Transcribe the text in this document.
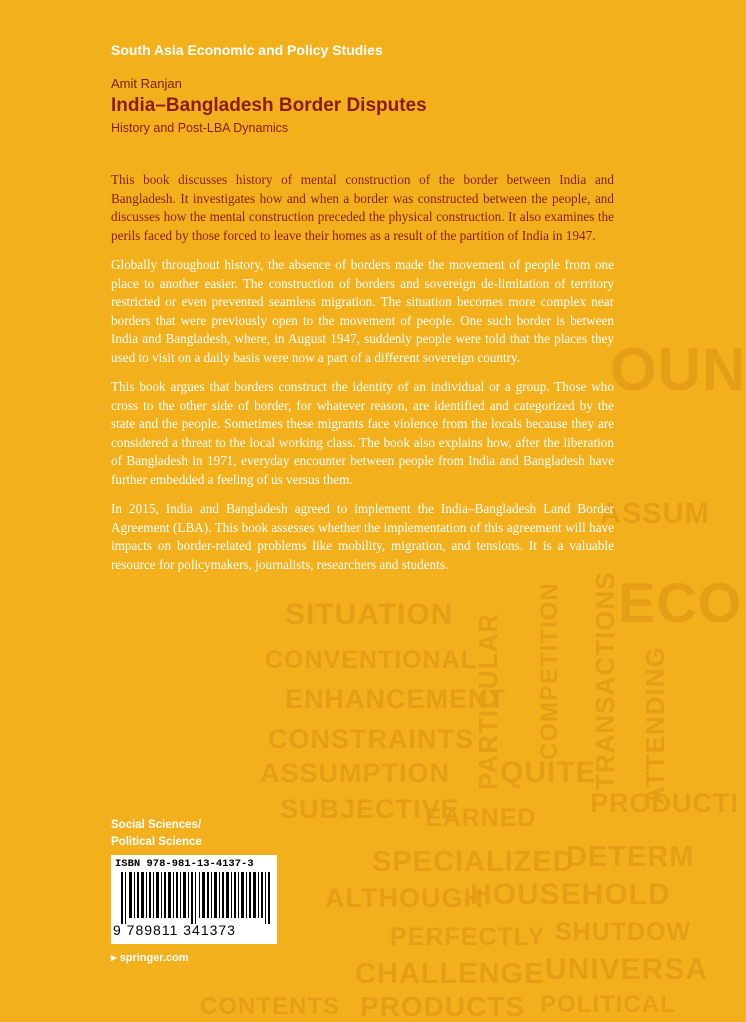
SITUATION
CONVENTIONAL
ENHANCEMENT
CONSTRAINTS
ASSUMPTION
SUBJECTIVE
EARNED
SPECIALIZED
ALTHOUGH
HOUSEHOLD
DETERM
PERFECTLY SHUTDOW
CHALLENGE UNIVERSA
PRODUCTS
CONTENTS	POLITICAL
QUITE
PRODUCTI
PARTICULAR COMPETITION TRANSACTIONS ATTENDING
ASSUM
ECO
OUN
South Asia Economic and Policy Studies
Amit Ranjan
India–Bangladesh Border Disputes
History and Post-LBA Dynamics

This book discusses history of mental construction of the border between India and Bangladesh. It investigates how and when a border was constructed between the people, and discusses how the mental construction preceded the physical construction. It also examines the perils faced by those forced to leave their homes as a result of the partition of India in 1947.

Globally throughout history, the absence of borders made the movement of people from one place to another easier. The construction of borders and sovereign de-limitation of territory restricted or even prevented seamless migration. The situation becomes more complex near borders that were previously open to the movement of people. One such border is between India and Bangladesh, where, in August 1947, suddenly people were told that the places they used to visit on a daily basis were now a part of a different sovereign country.

This book argues that borders construct the identity of an individual or a group. Those who cross to the other side of border, for whatever reason, are identified and categorized by the state and the people. Sometimes these migrants face violence from the locals because they are considered a threat to the local working class. The book also explains how, after the liberation of Bangladesh in 1971, everyday encounter between people from India and Bangladesh have further embedded a feeling of us versus them.

In 2015, India and Bangladesh agreed to implement the India–Bangladesh Land Border Agreement (LBA). This book assesses whether the implementation of this agreement will have impacts on border-related problems like mobility, migration, and tensions. It is a valuable resource for policymakers, journalists, researchers and students.

Social Sciences/
Political Science
ISBN 978-981-13-4137-3
9 789811 341373
▸ springer.com
